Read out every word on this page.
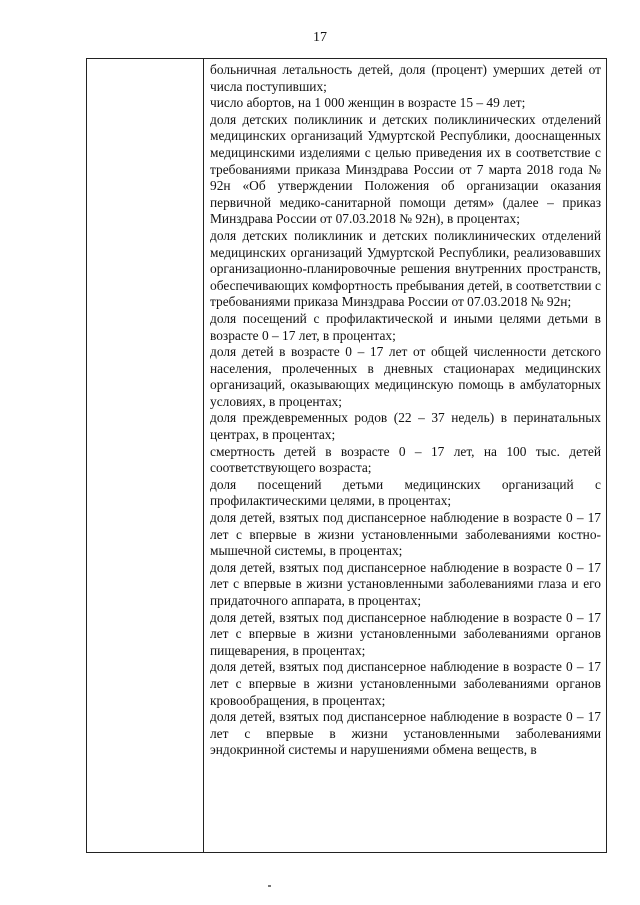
17

больничная летальность детей, доля (процент) умерших детей от числа поступивших;

число абортов, на 1 000 женщин в возрасте 15 – 49 лет;

доля детских поликлиник и детских поликлинических отделений медицинских организаций Удмуртской Республики, дооснащенных медицинскими изделиями с целью приведения их в соответствие с требованиями приказа Минздрава России от 7 марта 2018 года № 92н «Об утверждении Положения об организации оказания первичной медико-санитарной помощи детям» (далее – приказ Минздрава России от 07.03.2018 № 92н), в процентах;

доля детских поликлиник и детских поликлинических отделений медицинских организаций Удмуртской Республики, реализовавших организационно-планировочные решения внутренних пространств, обеспечивающих комфортность пребывания детей, в соответствии с требованиями приказа Минздрава России от 07.03.2018 № 92н;

доля посещений с профилактической и иными целями детьми в возрасте 0 – 17 лет, в процентах;

доля детей в возрасте 0 – 17 лет от общей численности детского населения, пролеченных в дневных стационарах медицинских организаций, оказывающих медицинскую помощь в амбулаторных условиях, в процентах;

доля преждевременных родов (22 – 37 недель) в перинатальных центрах, в процентах;

смертность детей в возрасте 0 – 17 лет, на 100 тыс. детей соответствующего возраста;

доля посещений детьми медицинских организаций с профилактическими целями, в процентах;

доля детей, взятых под диспансерное наблюдение в возрасте 0 – 17 лет с впервые в жизни установленными заболеваниями костно-мышечной системы, в процентах;

доля детей, взятых под диспансерное наблюдение в возрасте 0 – 17 лет с впервые в жизни установленными заболеваниями глаза и его придаточного аппарата, в процентах;

доля детей, взятых под диспансерное наблюдение в возрасте 0 – 17 лет с впервые в жизни установленными заболеваниями органов пищеварения, в процентах;

доля детей, взятых под диспансерное наблюдение в возрасте 0 – 17 лет с впервые в жизни установленными заболеваниями органов кровообращения, в процентах;

доля детей, взятых под диспансерное наблюдение в возрасте 0 – 17 лет с впервые в жизни установленными заболеваниями эндокринной системы и нарушениями обмена веществ, в
